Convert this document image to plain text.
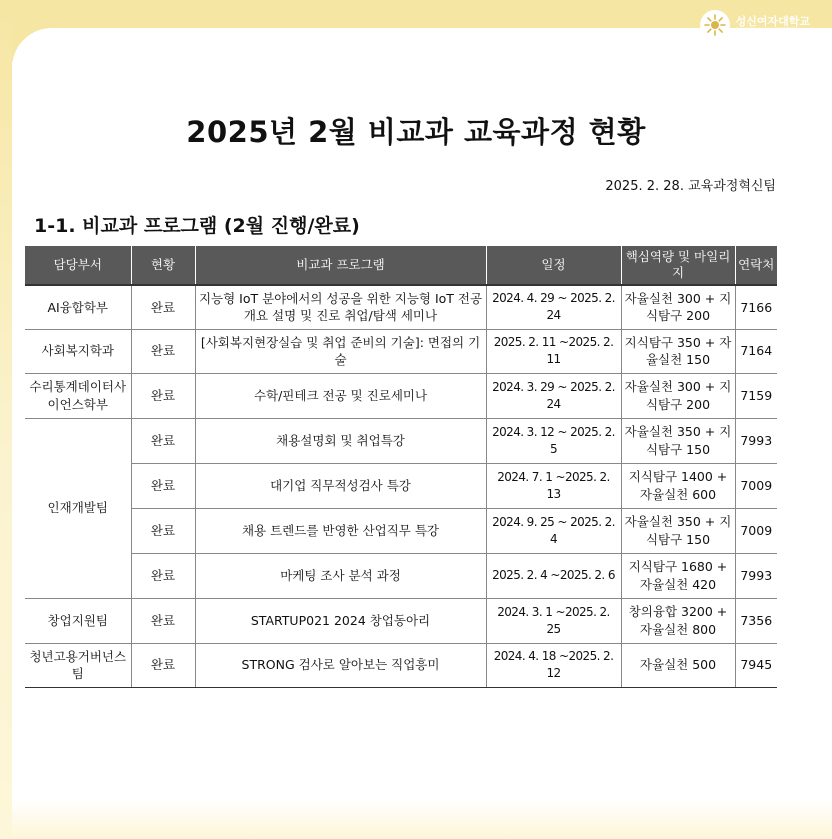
성신여자대학교
SUNGSHIN UNIVERSITY
2025년 2월 비교과 교육과정 현황
2025. 2. 28. 교육과정혁신팀
1-1. 비교과 프로그램 (2월 진행/완료)
담당부서	현황	비교과 프로그램	일정	핵심역량 및 마일리지	연락처
AI융합학부	완료	지능형 IoT 분야에서의 성공을 위한 지능형 IoT 전공 개요 설명 및 진로 취업/탐색 세미나	2024. 4. 29 ~ 2025. 2. 24	자율실천 300 + 지식탐구 200	7166
사회복지학과	완료	[사회복지현장실습 및 취업 준비의 기술]: 면접의 기술	2025. 2. 11 ~2025. 2. 11	지식탐구 350 + 자율실천 150	7164
수리통계데이터사이언스학부	완료	수학/핀테크 전공 및 진로세미나	2024. 3. 29 ~ 2025. 2. 24	자율실천 300 + 지식탐구 200	7159
인재개발팀	완료	채용설명회 및 취업특강	2024. 3. 12 ~ 2025. 2. 5	자율실천 350 + 지식탐구 150	7993
	완료	대기업 직무적성검사 특강	2024. 7. 1 ~2025. 2. 13	지식탐구 1400 + 자율실천 600	7009
	완료	채용 트렌드를 반영한 산업직무 특강	2024. 9. 25 ~ 2025. 2. 4	자율실천 350 + 지식탐구 150	7009
	완료	마케팅 조사 분석 과정	2025. 2. 4 ~2025. 2. 6	지식탐구 1680 + 자율실천 420	7993
창업지원팀	완료	STARTUP021 2024 창업동아리	2024. 3. 1 ~2025. 2. 25	창의융합 3200 + 자율실천 800	7356
청년고용거버넌스팀	완료	STRONG 검사로 알아보는 직업흥미	2024. 4. 18 ~2025. 2. 12	자율실천 500	7945
